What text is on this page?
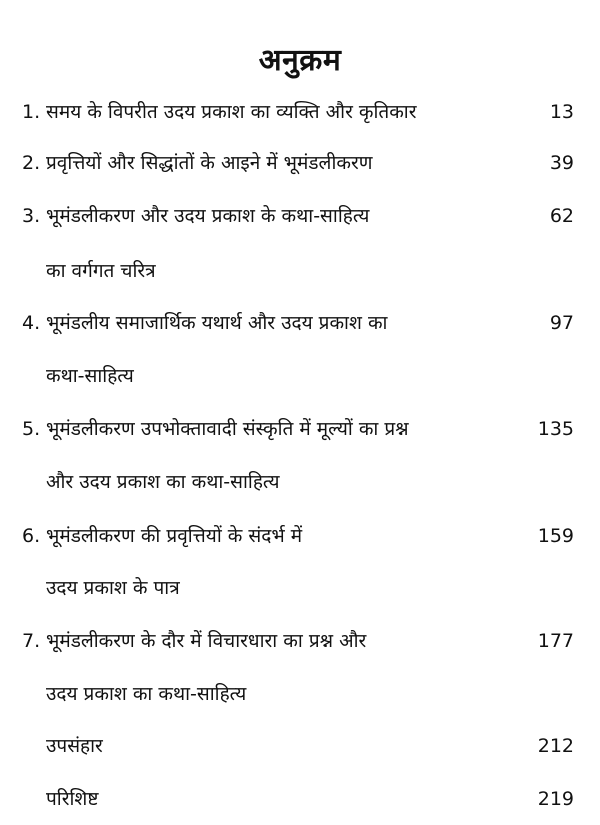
अनुक्रम
1. समय के विपरीत उदय प्रकाश का व्यक्ति और कृतिकार	13
2. प्रवृत्तियों और सिद्धांतों के आइने में भूमंडलीकरण	39
3. भूमंडलीकरण और उदय प्रकाश के कथा-साहित्य	62
का वर्गगत चरित्र
4. भूमंडलीय समाजार्थिक यथार्थ और उदय प्रकाश का	97
कथा-साहित्य
5. भूमंडलीकरण उपभोक्तावादी संस्कृति में मूल्यों का प्रश्न	135
और उदय प्रकाश का कथा-साहित्य
6. भूमंडलीकरण की प्रवृत्तियों के संदर्भ में	159
उदय प्रकाश के पात्र
7. भूमंडलीकरण के दौर में विचारधारा का प्रश्न और	177
उदय प्रकाश का कथा-साहित्य
उपसंहार	212
परिशिष्ट	219
